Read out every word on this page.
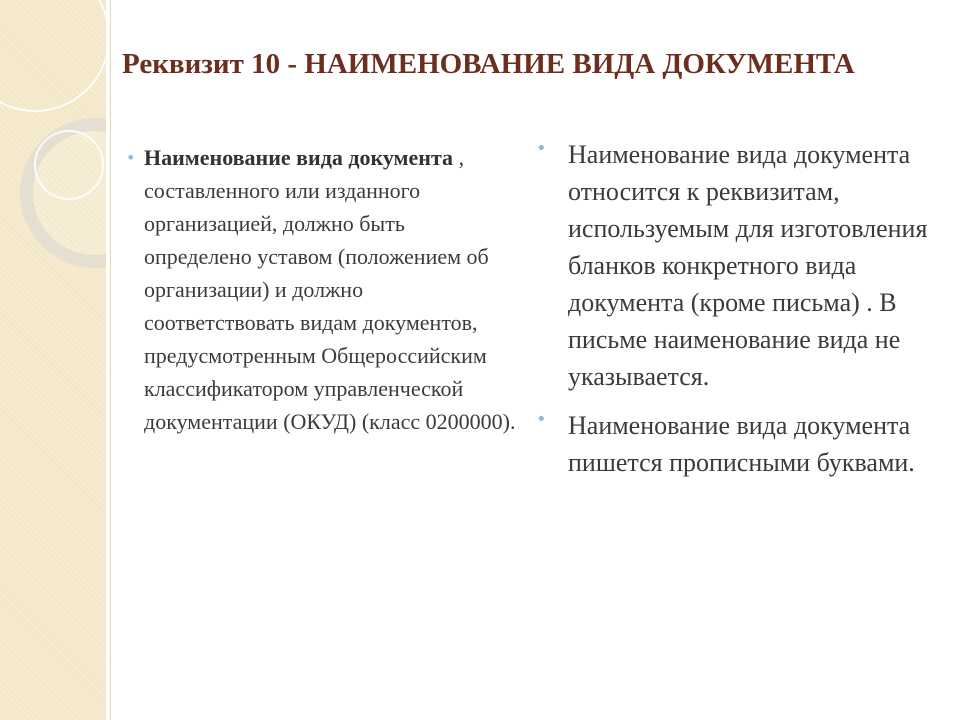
Реквизит 10 - НАИМЕНОВАНИЕ ВИДА ДОКУМЕНТА

• Наименование вида документа , составленного или изданного организацией, должно быть определено уставом (положением об организации) и должно соответствовать видам документов, предусмотренным Общероссийским классификатором управленческой документации (ОКУД) (класс 0200000).

• Наименование вида документа относится к реквизитам, используемым для изготовления бланков конкретного вида документа (кроме письма) . В письме наименование вида не указывается.

• Наименование вида документа пишется прописными буквами.
